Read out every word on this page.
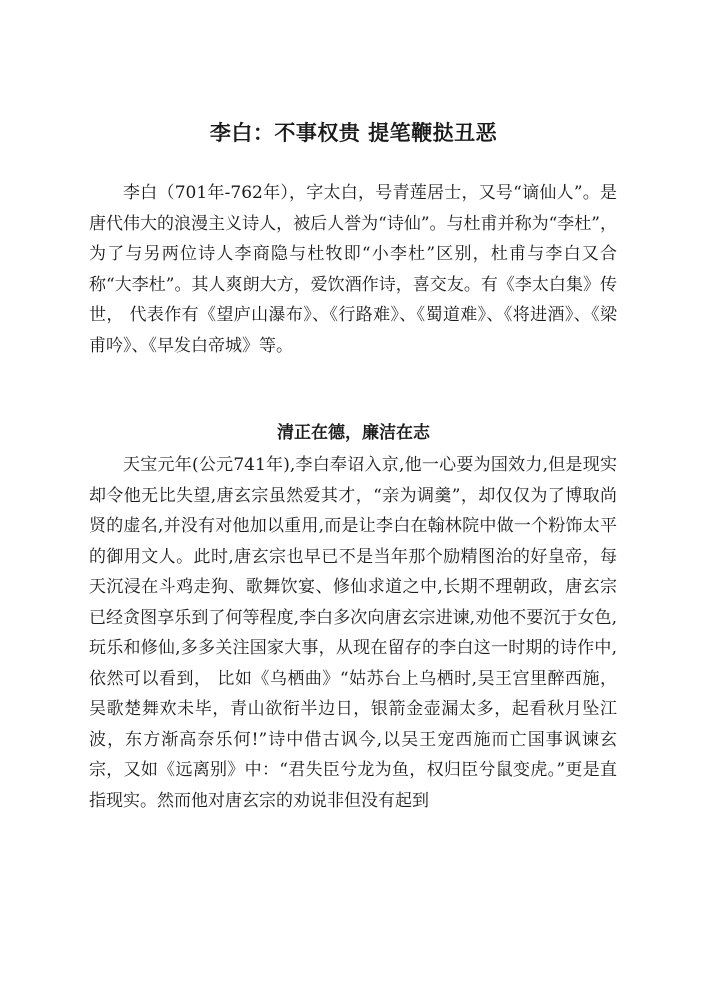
李白：不事权贵 提笔鞭挞丑恶

李白（701年-762年），字太白，号青莲居士，又号“谪仙人”。是唐代伟大的浪漫主义诗人，被后人誉为“诗仙”。与杜甫并称为“李杜”，为了与另两位诗人李商隐与杜牧即“小李杜”区别，杜甫与李白又合称“大李杜”。其人爽朗大方，爱饮酒作诗，喜交友。有《李太白集》传世， 代表作有《望庐山瀑布》、《行路难》、《蜀道难》、《将进酒》、《梁甫吟》、《早发白帝城》等。

清正在德，廉洁在志

天宝元年(公元741年),李白奉诏入京,他一心要为国效力,但是现实却令他无比失望,唐玄宗虽然爱其才，“亲为调羹”，却仅仅为了博取尚贤的虚名,并没有对他加以重用,而是让李白在翰林院中做一个粉饰太平的御用文人。此时,唐玄宗也早已不是当年那个励精图治的好皇帝，每天沉浸在斗鸡走狗、歌舞饮宴、修仙求道之中,长期不理朝政，唐玄宗已经贪图享乐到了何等程度,李白多次向唐玄宗进谏,劝他不要沉于女色,玩乐和修仙,多多关注国家大事，从现在留存的李白这一时期的诗作中,依然可以看到， 比如《乌栖曲》“姑苏台上乌栖时,吴王宫里醉西施，吴歌楚舞欢未毕，青山欲衔半边日，银箭金壶漏太多，起看秋月坠江波，东方渐高奈乐何!”诗中借古讽今,以吴王宠西施而亡国事讽谏玄宗，又如《远离别》中：“君失臣兮龙为鱼，权归臣兮鼠变虎。”更是直指现实。然而他对唐玄宗的劝说非但没有起到
